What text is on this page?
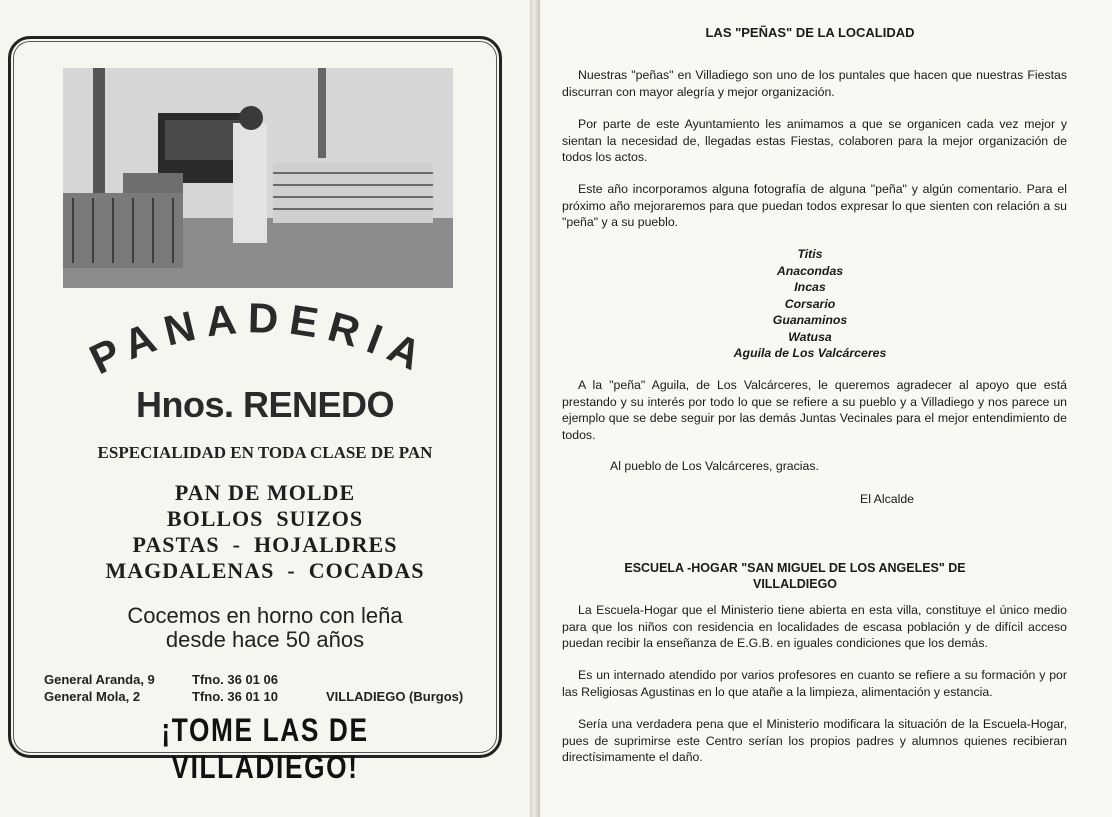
PANADERIA
Hnos. RENEDO
ESPECIALIDAD EN TODA CLASE DE PAN
PAN DE MOLDE
BOLLOS  SUIZOS
PASTAS  -  HOJALDRES
MAGDALENAS  -  COCADAS
Cocemos en horno con leña
desde hace 50 años
General Aranda, 9	Tfno. 36 01 06
General Mola, 2	Tfno. 36 01 10	VILLADIEGO (Burgos)
¡TOME LAS DE VILLADIEGO!
LAS "PEÑAS" DE LA LOCALIDAD
Nuestras "peñas" en Villadiego son uno de los puntales que hacen que nuestras Fiestas discurran con mayor alegría y mejor organización.
Por parte de este Ayuntamiento les animamos a que se organicen cada vez mejor y sientan la necesidad de, llegadas estas Fiestas, colaboren para la mejor organización de todos los actos.
Este año incorporamos alguna fotografía de alguna "peña" y algún comentario. Para el próximo año mejoraremos para que puedan todos expresar lo que sienten con relación a su "peña" y a su pueblo.
Titis
Anacondas
Incas
Corsario
Guanaminos
Watusa
Aguila de Los Valcárceres
A la "peña" Aguila, de Los Valcárceres, le queremos agradecer al apoyo que está prestando y su interés por todo lo que se refiere a su pueblo y a Villadiego y nos parece un ejemplo que se debe seguir por las demás Juntas Vecinales para el mejor entendimiento de todos.
Al pueblo de Los Valcárceres, gracias.
El Alcalde
ESCUELA -HOGAR "SAN MIGUEL DE LOS ANGELES" DE
VILLALDIEGO
La Escuela-Hogar que el Ministerio tiene abierta en esta villa, constituye el único medio para que los niños con residencia en localidades de escasa población y de difícil acceso puedan recibir la enseñanza de E.G.B. en iguales condiciones que los demás.
Es un internado atendido por varios profesores en cuanto se refiere a su formación y por las Religiosas Agustinas en lo que atañe a la limpieza, alimentación y estancia.
Sería una verdadera pena que el Ministerio modificara la situación de la Escuela-Hogar, pues de suprimirse este Centro serían los propios padres y alumnos quienes recibieran directísimamente el daño.
